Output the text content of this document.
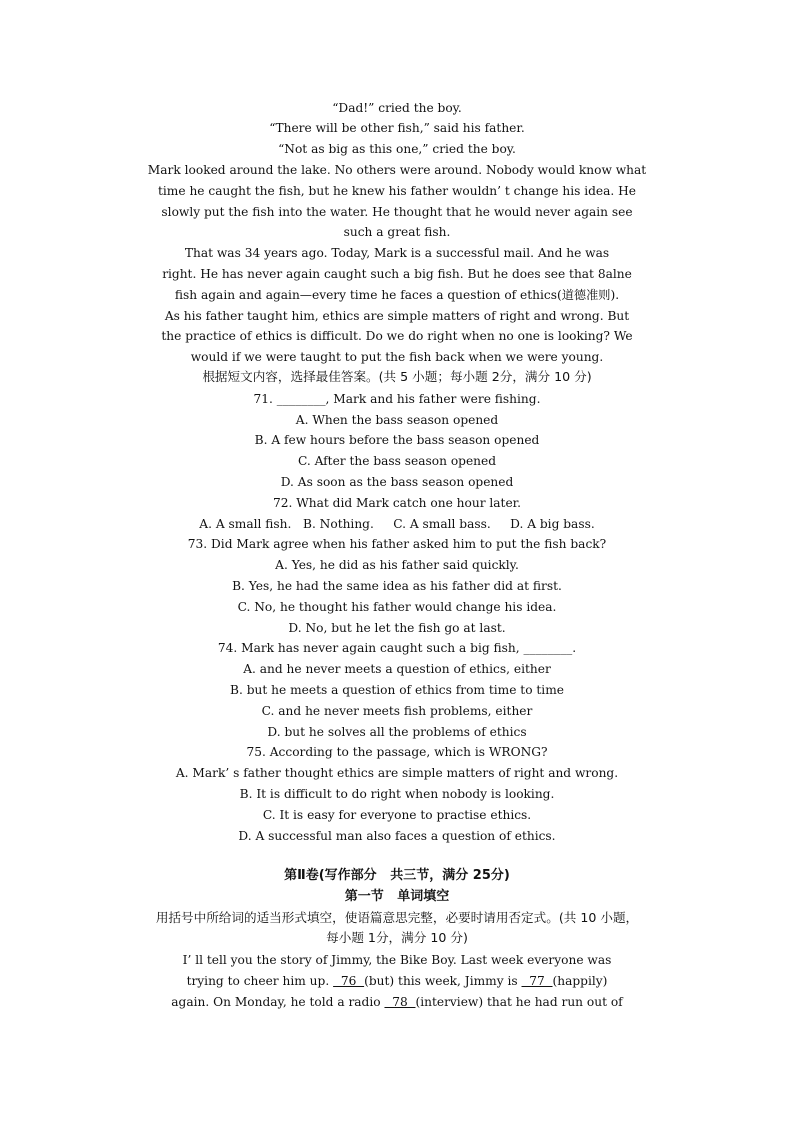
“Dad!” cried the boy.
“There will be other fish,” said his father.
“Not as big as this one,” cried the boy.
Mark looked around the lake. No others were around. Nobody would know what
time he caught the fish, but he knew his father wouldn’ t change his idea. He
slowly put the fish into the water. He thought that he would never again see
such a great fish.
That was 34 years ago. Today, Mark is a successful mail. And he was
right. He has never again caught such a big fish. But he does see that 8alne
fish again and again—every time he faces a question of ethics(道德准则).
As his father taught him, ethics are simple matters of right and wrong. But
the practice of ethics is difficult. Do we do right when no one is looking? We
would if we were taught to put the fish back when we were young.
根据短文内容，选择最佳答案。(共 5 小题；每小题 2分，满分 10 分)
71. ________, Mark and his father were fishing.
A. When the bass season opened
B. A few hours before the bass season opened
C. After the bass season opened
D. As soon as the bass season opened
72. What did Mark catch one hour later.
A. A small fish.   B. Nothing.     C. A small bass.     D. A big bass.
73. Did Mark agree when his father asked him to put the fish back?
A. Yes, he did as his father said quickly.
B. Yes, he had the same idea as his father did at first.
C. No, he thought his father would change his idea.
D. No, but he let the fish go at last.
74. Mark has never again caught such a big fish, ________.
A. and he never meets a question of ethics, either
B. but he meets a question of ethics from time to time
C. and he never meets fish problems, either
D. but he solves all the problems of ethics
75. According to the passage, which is WRONG?
A. Mark’ s father thought ethics are simple matters of right and wrong.
B. It is difficult to do right when nobody is looking.
C. It is easy for everyone to practise ethics.
D. A successful man also faces a question of ethics.
第Ⅱ卷(写作部分   共三节，满分 25分)
第一节   单词填空
用括号中所给词的适当形式填空，使语篇意思完整，必要时请用否定式。(共 10 小题，
每小题 1分，满分 10 分)
I’ ll tell you the story of Jimmy, the Bike Boy. Last week everyone was
trying to cheer him up.   76  (but) this week, Jimmy is   77  (happily)
again. On Monday, he told a radio   78  (interview) that he had run out of
